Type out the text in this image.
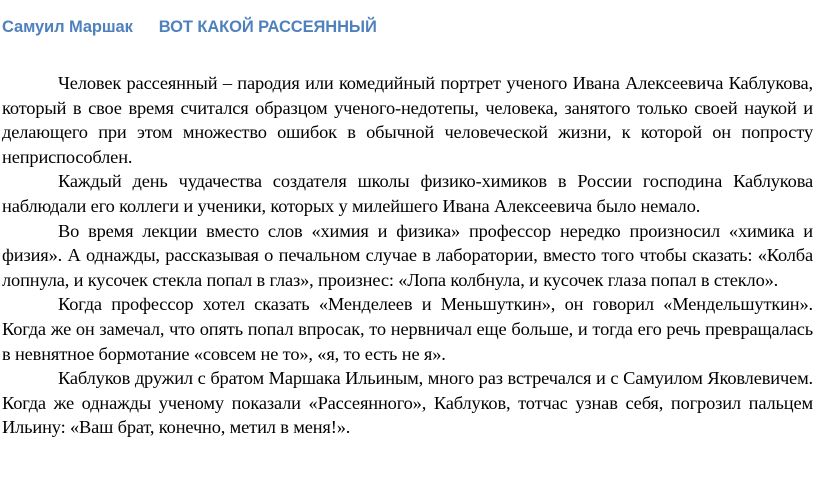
Самуил Маршак ВОТ КАКОЙ РАССЕЯННЫЙ

Человек рассеянный – пародия или комедийный портрет ученого Ивана Алексеевича Каблукова, который в свое время считался образцом ученого-недотепы, человека, занятого только своей наукой и делающего при этом множество ошибок в обычной человеческой жизни, к которой он попросту неприспособлен.

Каждый день чудачества создателя школы физико-химиков в России господина Каблукова наблюдали его коллеги и ученики, которых у милейшего Ивана Алексеевича было немало.

Во время лекции вместо слов «химия и физика» профессор нередко произносил «химика и физия». А однажды, рассказывая о печальном случае в лаборатории, вместо того чтобы сказать: «Колба лопнула, и кусочек стекла попал в глаз», произнес: «Лопа колбнула, и кусочек глаза попал в стекло».

Когда профессор хотел сказать «Менделеев и Меньшуткин», он говорил «Мендельшуткин». Когда же он замечал, что опять попал впросак, то нервничал еще больше, и тогда его речь превращалась в невнятное бормотание «совсем не то», «я, то есть не я».

Каблуков дружил с братом Маршака Ильиным, много раз встречался и с Самуилом Яковлевичем. Когда же однажды ученому показали «Рассеянного», Каблуков, тотчас узнав себя, погрозил пальцем Ильину: «Ваш брат, конечно, метил в меня!».
